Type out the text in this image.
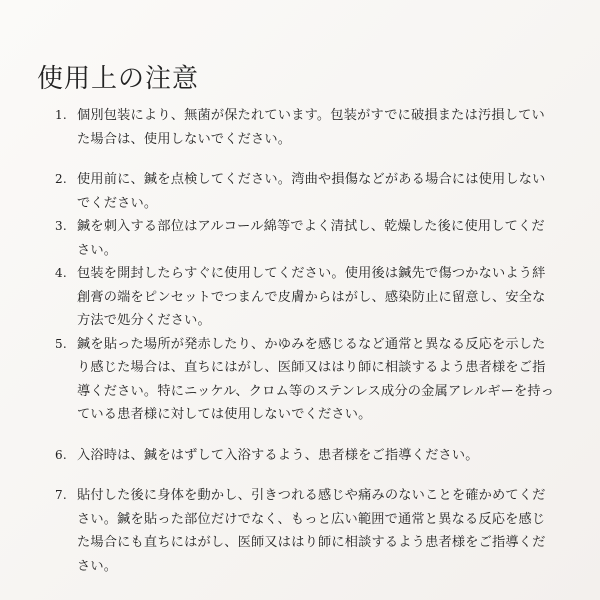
使用上の注意
1. 個別包装により、無菌が保たれています。包装がすでに破損または汚損していた場合は、使用しないでください。
2. 使用前に、鍼を点検してください。湾曲や損傷などがある場合には使用しないでください。
3. 鍼を刺入する部位はアルコール綿等でよく清拭し、乾燥した後に使用してください。
4. 包装を開封したらすぐに使用してください。使用後は鍼先で傷つかないよう絆創膏の端をピンセットでつまんで皮膚からはがし、感染防止に留意し、安全な方法で処分ください。
5. 鍼を貼った場所が発赤したり、かゆみを感じるなど通常と異なる反応を示したり感じた場合は、直ちにはがし、医師又ははり師に相談するよう患者様をご指導ください。特にニッケル、クロム等のステンレス成分の金属アレルギーを持っている患者様に対しては使用しないでください。
6. 入浴時は、鍼をはずして入浴するよう、患者様をご指導ください。
7. 貼付した後に身体を動かし、引きつれる感じや痛みのないことを確かめてください。鍼を貼った部位だけでなく、もっと広い範囲で通常と異なる反応を感じた場合にも直ちにはがし、医師又ははり師に相談するよう患者様をご指導ください。
